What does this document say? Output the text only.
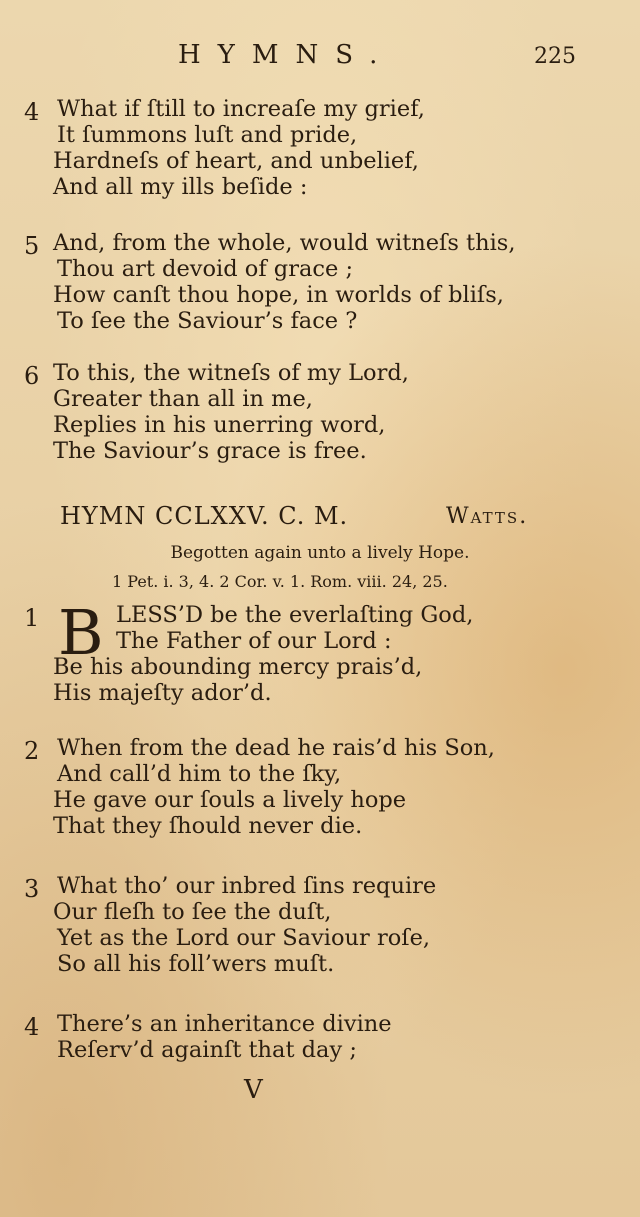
HYMNS.	225
4 What if ſtill to increaſe my grief,
It ſummons luſt and pride,
Hardneſs of heart, and unbelief,
And all my ills beſide :
5 And, from the whole, would witneſs this,
Thou art devoid of grace ;
How canſt thou hope, in worlds of bliſs,
To ſee the Saviour’s face ?
6 To this, the witneſs of my Lord,
Greater than all in me,
Replies in his unerring word,
The Saviour’s grace is free.
HYMN CCLXXV. C. M.	Watts.
Begotten again unto a lively Hope.
1 Pet. i. 3, 4. 2 Cor. v. 1. Rom. viii. 24, 25.
B
1	LESS’D be the everlaſting God,
The Father of our Lord :
Be his abounding mercy prais’d,
His majeſty ador’d.
2 When from the dead he rais’d his Son,
And call’d him to the ſky,
He gave our ſouls a lively hope
That they ſhould never die.
3 What tho’ our inbred ſins require
Our fleſh to ſee the duſt,
Yet as the Lord our Saviour roſe,
So all his foll’wers muſt.
4 There’s an inheritance divine
Reſerv’d againſt that day ;
V
